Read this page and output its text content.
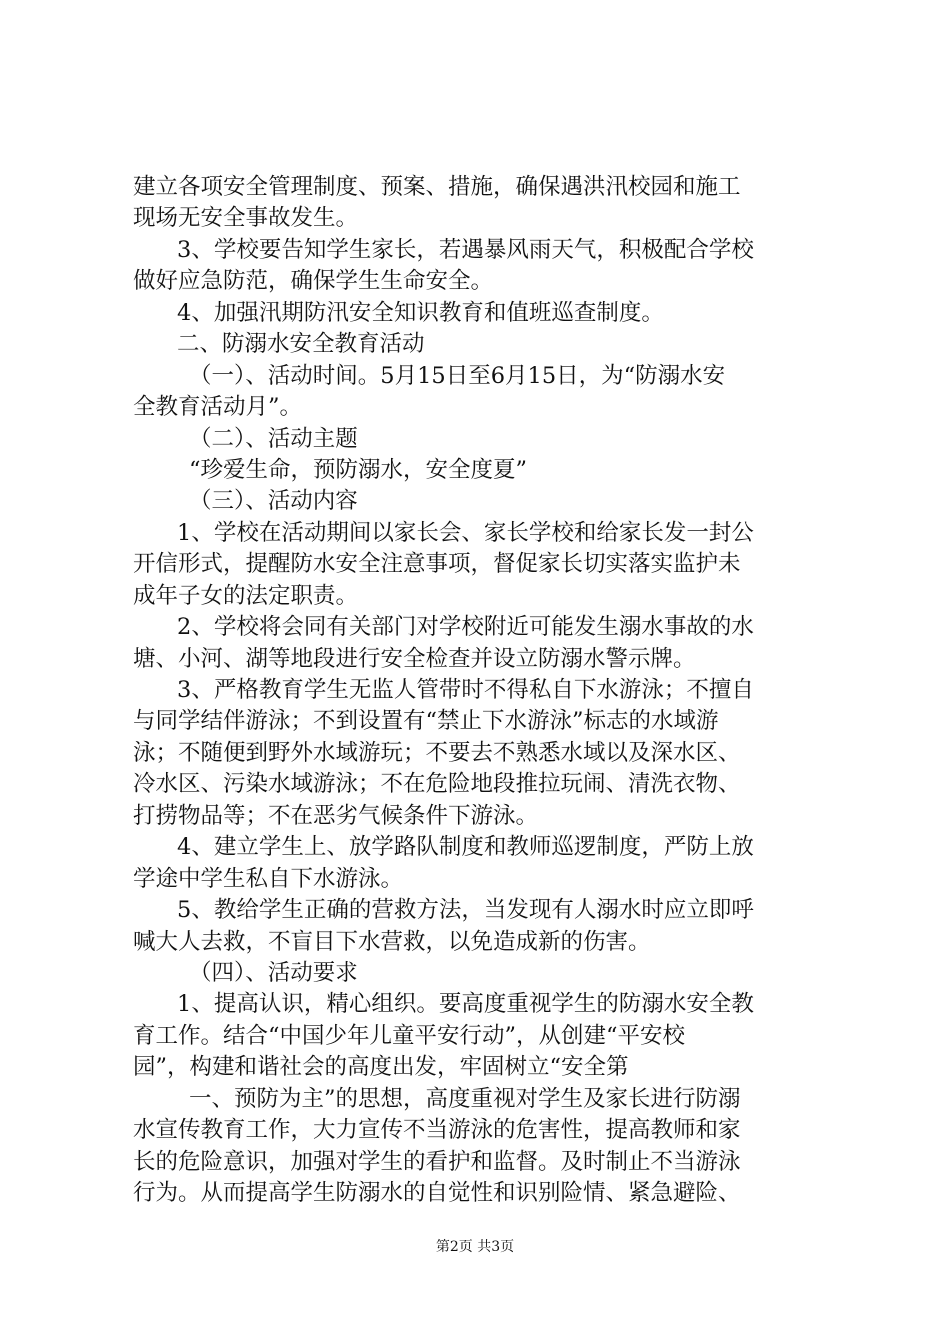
建立各项安全管理制度、预案、措施，确保遇洪汛校园和施工
现场无安全事故发生。
3、学校要告知学生家长，若遇暴风雨天气，积极配合学校
做好应急防范，确保学生生命安全。
4、加强汛期防汛安全知识教育和值班巡查制度。
二、防溺水安全教育活动
（一）、活动时间。5月15日至6月15日，为“防溺水安
全教育活动月”。
（二）、活动主题
“珍爱生命，预防溺水，安全度夏”
（三）、活动内容
1、学校在活动期间以家长会、家长学校和给家长发一封公
开信形式，提醒防水安全注意事项，督促家长切实落实监护未
成年子女的法定职责。
2、学校将会同有关部门对学校附近可能发生溺水事故的水
塘、小河、湖等地段进行安全检查并设立防溺水警示牌。
3、严格教育学生无监人管带时不得私自下水游泳；不擅自
与同学结伴游泳；不到设置有“禁止下水游泳”标志的水域游
泳；不随便到野外水域游玩；不要去不熟悉水域以及深水区、
冷水区、污染水域游泳；不在危险地段推拉玩闹、清洗衣物、
打捞物品等；不在恶劣气候条件下游泳。
4、建立学生上、放学路队制度和教师巡逻制度，严防上放
学途中学生私自下水游泳。
5、教给学生正确的营救方法，当发现有人溺水时应立即呼
喊大人去救，不盲目下水营救，以免造成新的伤害。
（四）、活动要求
1、提高认识，精心组织。要高度重视学生的防溺水安全教
育工作。结合“中国少年儿童平安行动”，从创建“平安校
园”，构建和谐社会的高度出发，牢固树立“安全第
一、预防为主”的思想，高度重视对学生及家长进行防溺
水宣传教育工作，大力宣传不当游泳的危害性，提高教师和家
长的危险意识，加强对学生的看护和监督。及时制止不当游泳
行为。从而提高学生防溺水的自觉性和识别险情、紧急避险、
第2页 共3页
